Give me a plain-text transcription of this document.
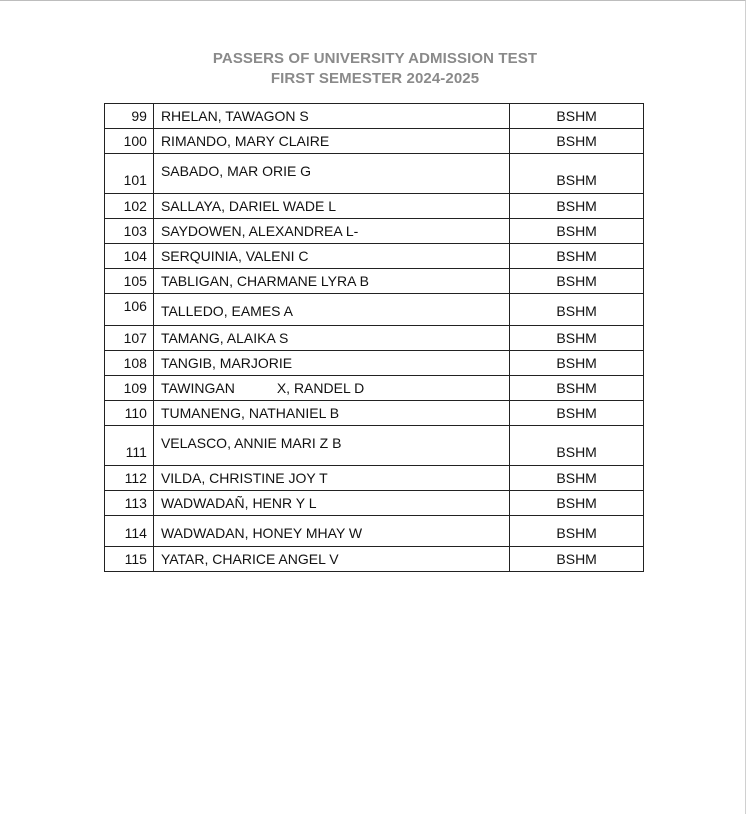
PASSERS OF UNIVERSITY ADMISSION TEST
FIRST SEMESTER 2024-2025
99	RHELAN, TAWAGON S	BSHM
100	RIMANDO, MARY CLAIRE	BSHM
101	SABADO, MAR ORIE G	BSHM
102	SALLAYA, DARIEL WADE L	BSHM
103	SAYDOWEN, ALEXANDREA L-	BSHM
104	SERQUINIA, VALENI C	BSHM
105	TABLIGAN, CHARMANE LYRA B	BSHM
106	TALLEDO, EAMES A	BSHM
107	TAMANG, ALAIKA S	BSHM
108	TANGIB, MARJORIE	BSHM
109	TAWINGAN X, RANDEL D	BSHM
110	TUMANENG, NATHANIEL B	BSHM
111	VELASCO, ANNIE MARI Z B	BSHM
112	VILDA, CHRISTINE JOY T	BSHM
113	WADWADAÑ, HENR Y L	BSHM
114	WADWADAN, HONEY MHAY W	BSHM
115	YATAR, CHARICE ANGEL V	BSHM
